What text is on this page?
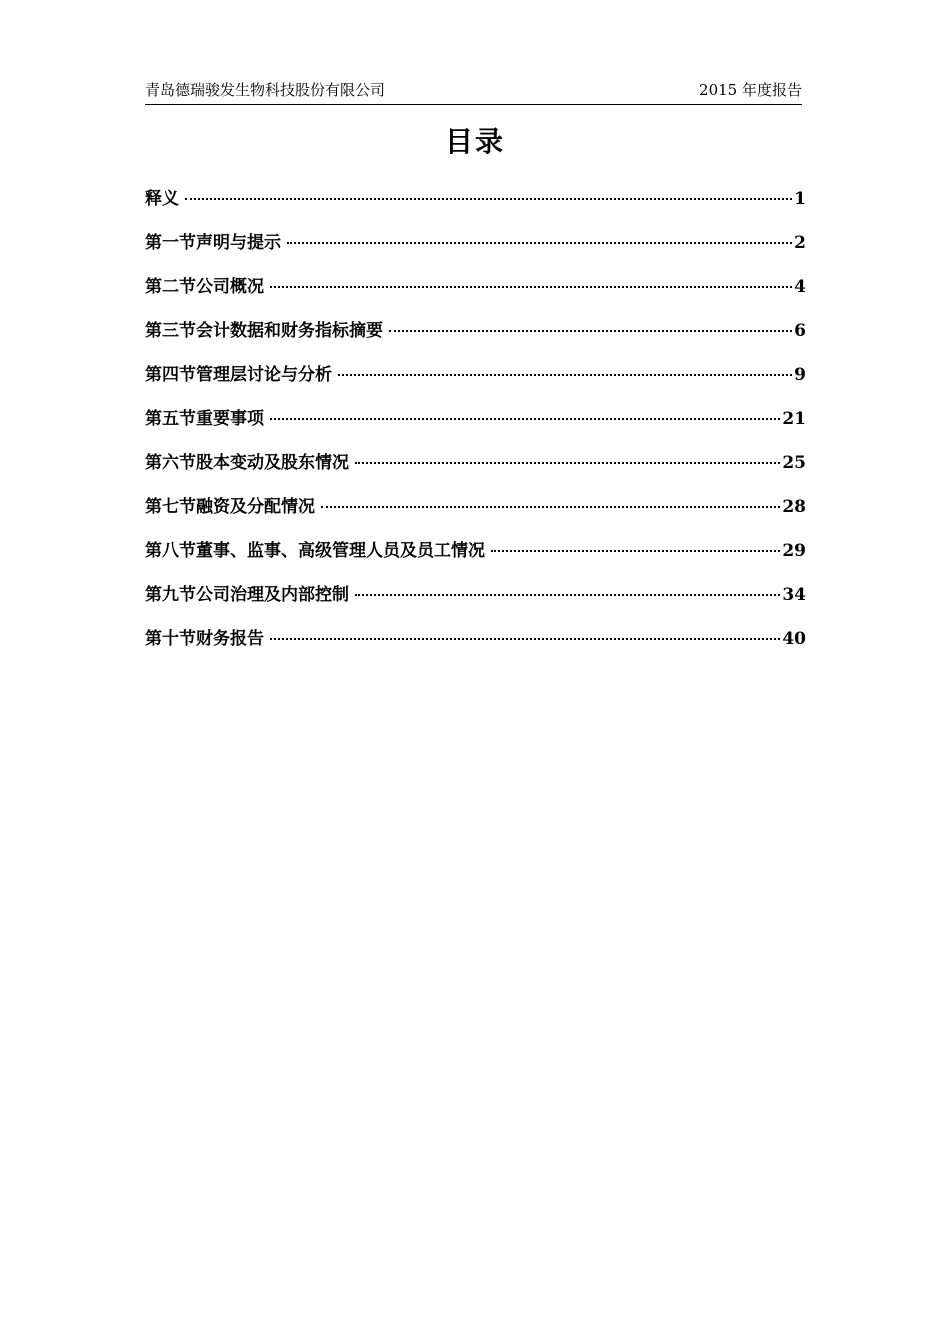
青岛德瑞骏发生物科技股份有限公司	2015 年度报告
目录
释义	1
第一节声明与提示	2
第二节公司概况	4
第三节会计数据和财务指标摘要	6
第四节管理层讨论与分析	9
第五节重要事项	21
第六节股本变动及股东情况	25
第七节融资及分配情况	28
第八节董事、监事、高级管理人员及员工情况	29
第九节公司治理及内部控制	34
第十节财务报告	40
